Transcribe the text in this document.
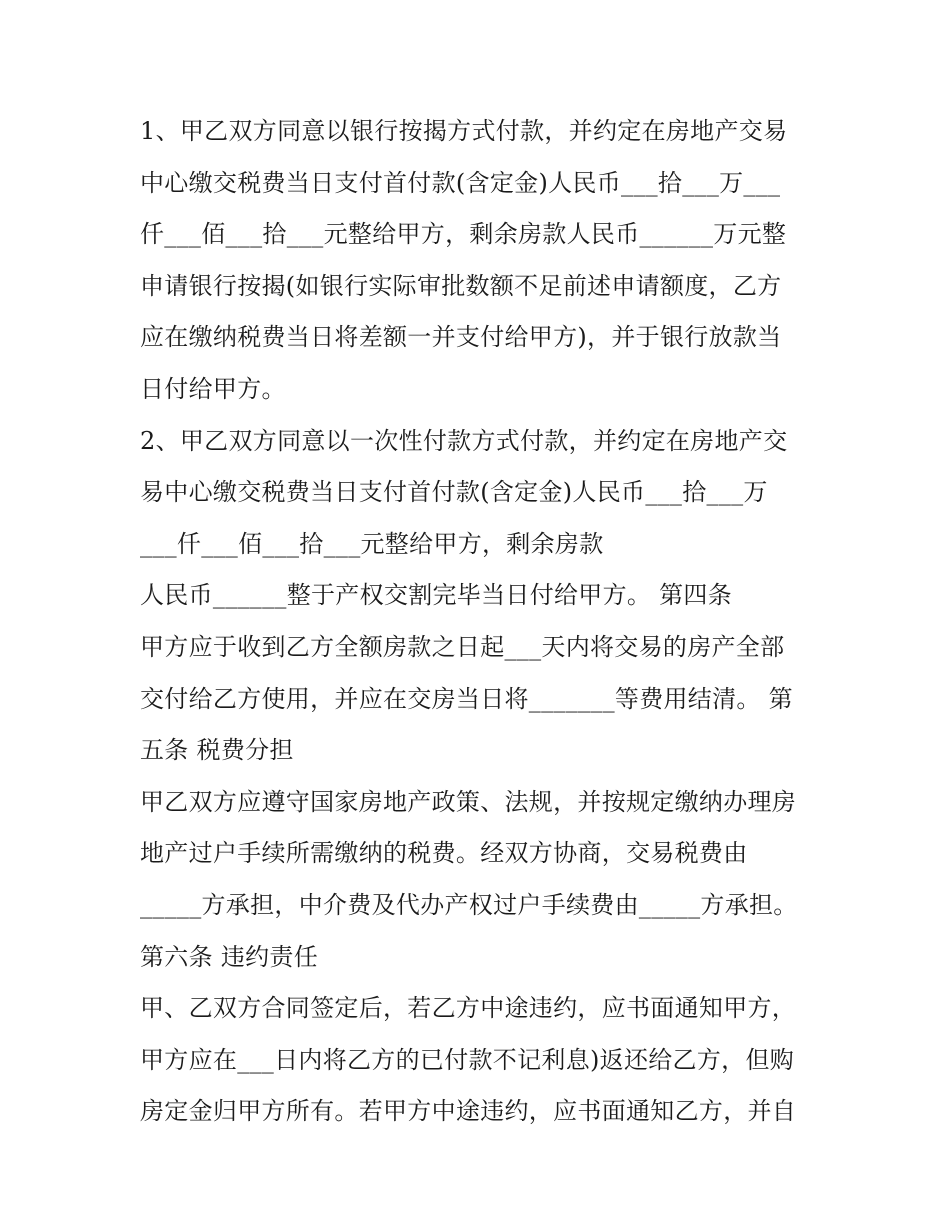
1、甲乙双方同意以银行按揭方式付款，并约定在房地产交易
中心缴交税费当日支付首付款(含定金)人民币___拾___万___
仟___佰___拾___元整给甲方，剩余房款人民币______万元整
申请银行按揭(如银行实际审批数额不足前述申请额度，乙方
应在缴纳税费当日将差额一并支付给甲方)，并于银行放款当
日付给甲方。
2、甲乙双方同意以一次性付款方式付款，并约定在房地产交
易中心缴交税费当日支付首付款(含定金)人民币___拾___万
___仟___佰___拾___元整给甲方，剩余房款
人民币______整于产权交割完毕当日付给甲方。 第四条
甲方应于收到乙方全额房款之日起___天内将交易的房产全部
交付给乙方使用，并应在交房当日将_______等费用结清。 第
五条 税费分担
甲乙双方应遵守国家房地产政策、法规，并按规定缴纳办理房
地产过户手续所需缴纳的税费。经双方协商，交易税费由
_____方承担，中介费及代办产权过户手续费由_____方承担。
第六条 违约责任
甲、乙双方合同签定后，若乙方中途违约，应书面通知甲方，
甲方应在___日内将乙方的已付款不记利息)返还给乙方，但购
房定金归甲方所有。若甲方中途违约，应书面通知乙方，并自
